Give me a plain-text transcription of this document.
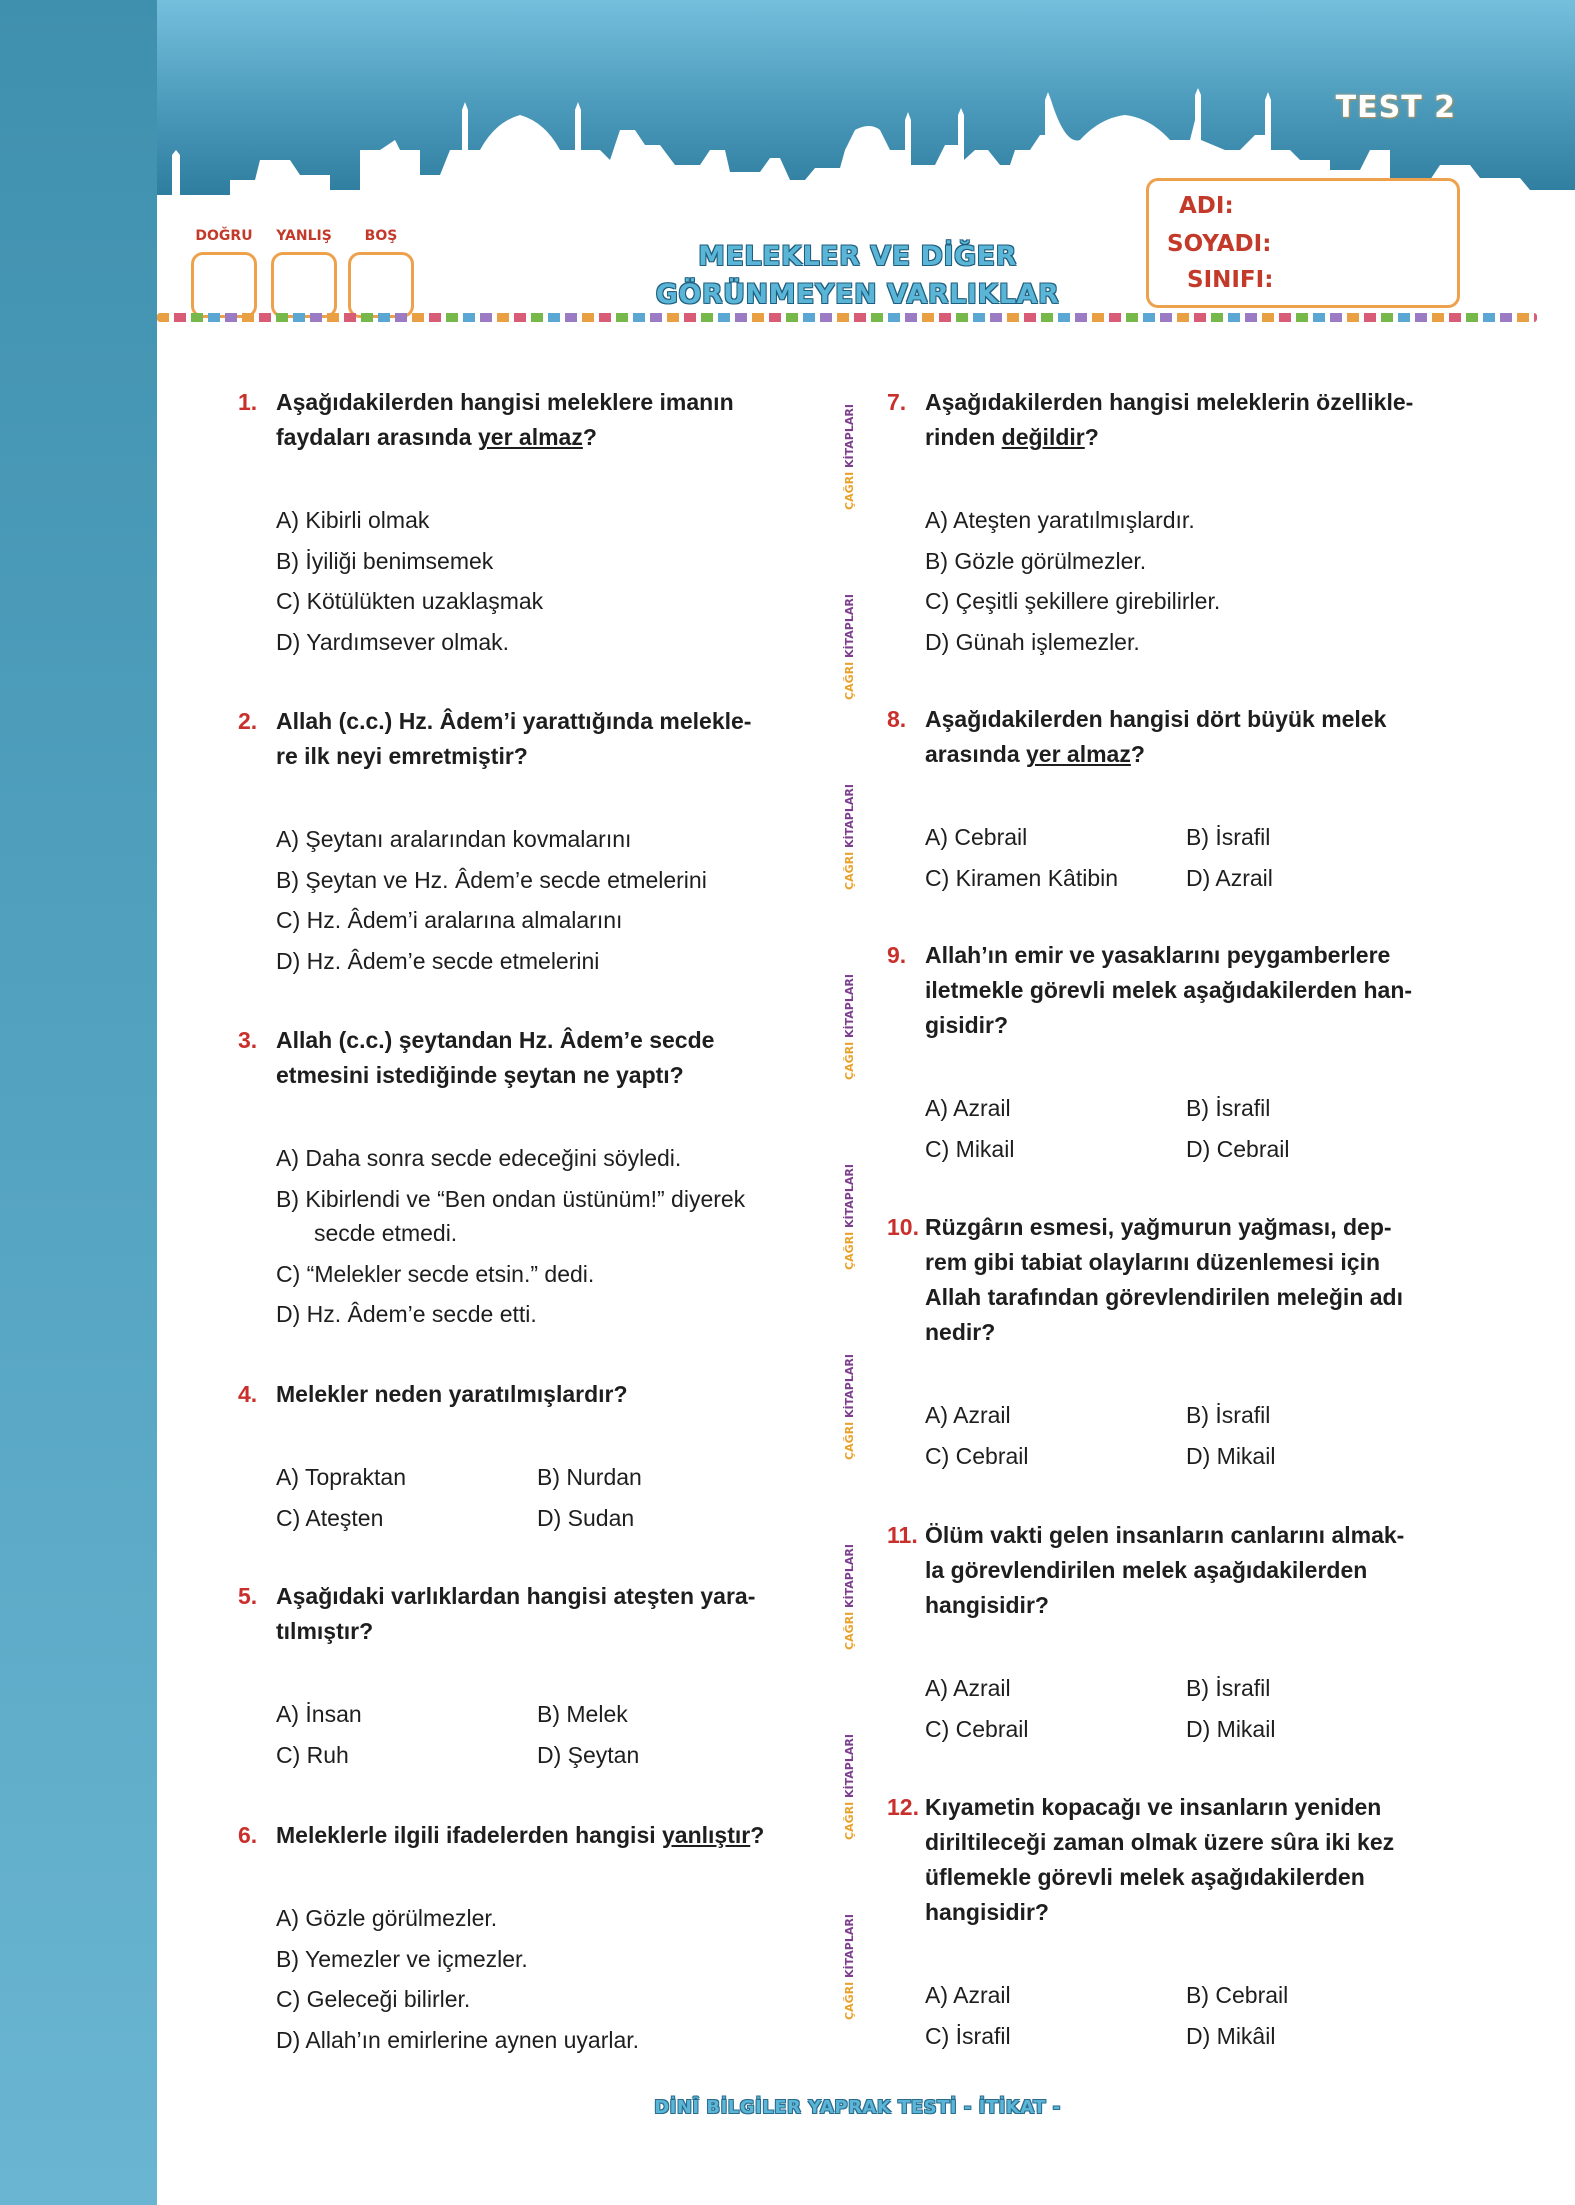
TEST 2
DOĞRU	YANLIŞ	BOŞ
MELEKLER VE DİĞER
GÖRÜNMEYEN VARLIKLAR
ADI:
SOYADI:
SINIFI:
1. Aşağıdakilerden hangisi meleklere imanın
faydaları arasında yer almaz?
A) Kibirli olmak
B) İyiliği benimsemek
C) Kötülükten uzaklaşmak
D) Yardımsever olmak.
2. Allah (c.c.) Hz. Âdem’i yarattığında melekle-
re ilk neyi emretmiştir?
A) Şeytanı aralarından kovmalarını
B) Şeytan ve Hz. Âdem’e secde etmelerini
C) Hz. Âdem’i aralarına almalarını
D) Hz. Âdem’e secde etmelerini
3. Allah (c.c.) şeytandan Hz. Âdem’e secde
etmesini istediğinde şeytan ne yaptı?
A) Daha sonra secde edeceğini söyledi.
B) Kibirlendi ve “Ben ondan üstünüm!” diyerek
secde etmedi.
C) “Melekler secde etsin.” dedi.
D) Hz. Âdem’e secde etti.
4. Melekler neden yaratılmışlardır?
A) Topraktan	B) Nurdan
C) Ateşten	D) Sudan
5. Aşağıdaki varlıklardan hangisi ateşten yara-
tılmıştır?
A) İnsan	B) Melek
C) Ruh	D) Şeytan
6. Meleklerle ilgili ifadelerden hangisi yanlıştır?
A) Gözle görülmezler.
B) Yemezler ve içmezler.
C) Geleceği bilirler.
D) Allah’ın emirlerine aynen uyarlar.
7. Aşağıdakilerden hangisi meleklerin özellikle-
rinden değildir?
A) Ateşten yaratılmışlardır.
B) Gözle görülmezler.
C) Çeşitli şekillere girebilirler.
D) Günah işlemezler.
8. Aşağıdakilerden hangisi dört büyük melek
arasında yer almaz?
A) Cebrail	B) İsrafil
C) Kiramen Kâtibin	D) Azrail
9. Allah’ın emir ve yasaklarını peygamberlere
iletmekle görevli melek aşağıdakilerden han-
gisidir?
A) Azrail	B) İsrafil
C) Mikail	D) Cebrail
10. Rüzgârın esmesi, yağmurun yağması, dep-
rem gibi tabiat olaylarını düzenlemesi için
Allah tarafından görevlendirilen meleğin adı
nedir?
A) Azrail	B) İsrafil
C) Cebrail	D) Mikail
11. Ölüm vakti gelen insanların canlarını almak-
la görevlendirilen melek aşağıdakilerden
hangisidir?
A) Azrail	B) İsrafil
C) Cebrail	D) Mikail
12. Kıyametin kopacağı ve insanların yeniden
diriltileceği zaman olmak üzere sûra iki kez
üflemekle görevli melek aşağıdakilerden
hangisidir?
A) Azrail	B) Cebrail
C) İsrafil	D) Mikâil
ÇAĞRI KİTAPLARI
ÇAĞRI KİTAPLARI
ÇAĞRI KİTAPLARI
ÇAĞRI KİTAPLARI
ÇAĞRI KİTAPLARI
ÇAĞRI KİTAPLARI
ÇAĞRI KİTAPLARI
ÇAĞRI KİTAPLARI
ÇAĞRI KİTAPLARI
DİNÎ BİLGİLER YAPRAK TESTİ - İTİKAT -
